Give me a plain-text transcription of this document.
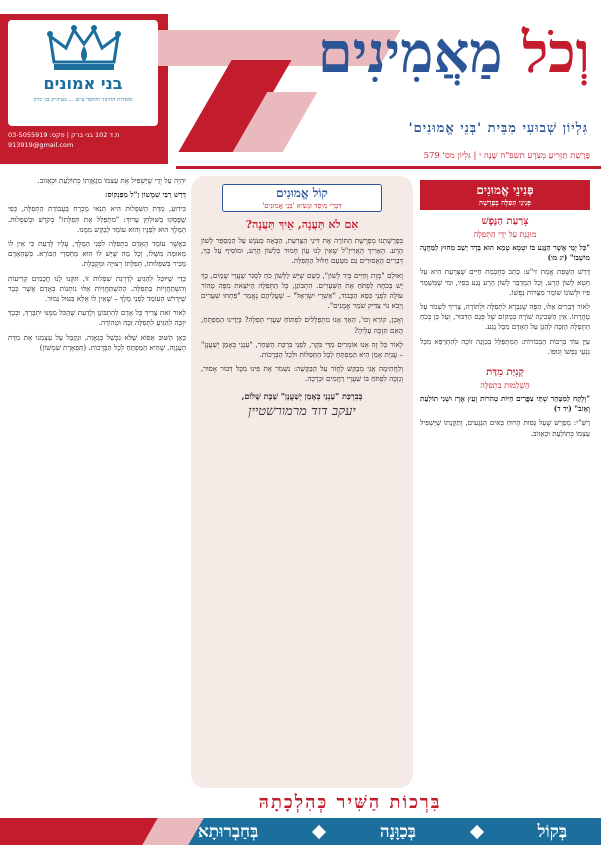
בני אמונים
מוסדות החינוך והחסד ע״ש ... בעיה״ק בני ברק
ת.ד 102 בני ברק | פקס: 03-5055919
913919@gmail.com
וְכֹל מַאֲמִינִים
גִּלְיוֹן שְׁבוּעִי מִבֵּית 'בְּנֵי אֱמוּנִים'
פָּרָשַׁת תַּזְרִיעַ מְצֹרָע תשפ"ה שָׁנָה י | גִּלְיוֹן מס' 579
פְּנִינֵי אֱמוּנִים
פְּנִינֵי תְּפִלָּה בְּפָרָשָׁה
צָרַעַת הַנֶּפֶשׁ
מוּגֶנֶת עַל יְדֵי הַתְּפִלָּה

"כָּל יְמֵי אֲשֶׁר הַנֶּגַע בּוֹ יִטְמָא טָמֵא הוּא בָּדָד יֵשֵׁב מִחוּץ לַמַּחֲנֶה מוֹשָׁבוֹ" (יג מו)

דָּרַשׁ הַשְּׁפַת אֱמֶת זי"ע: כָּתַב בְּחָכְמַת חַיִּים שֶׁצָּרַעַת הִיא עַל חֵטְא לָשׁוֹן הָרָע, וְכָל הַמְדַבֵּר לָשׁוֹן הָרָע נֶגַע בְּפִיו, וּמִי שֶׁמְּשַׁמֵּר פִּיו וּלְשׁוֹנוֹ שׁוֹמֵר מִצָּרוֹת נַפְשׁוֹ.

לְאוֹר דְּבָרִים אֵלּוּ, הַפֶּה שֶׁנִּבְרָא לִתְפִלָּה וּלְתוֹרָה, צָרִיךְ לִשְׁמֹר עַל טָהֳרָתוֹ. אֵין הַשְּׁכִינָה שׁוֹרָה בְּמָקוֹם שֶׁל פְּגַם הַדִּבּוּר, וְעַל כֵּן בְּכֹחַ הַתְּפִלָּה הַזַּכָּה לְהָגֵן עַל הָאָדָם מִכָּל נֶגַע.

עַיֵּן עוֹד בִּרְבוֹת הַבְּכוֹרוֹת: הַמִּתְפַּלֵּל בְּכַוָּנָה זוֹכֶה לְהִתְרַפֵּא מִכָּל נִגְעֵי נַפְשׁוֹ וְגוּפוֹ.

קְנִיַּת מִדַּת
הַשְׁלֵמוּת בִּתְפִלָּה

"וְלָקַח לַמִּטַּהֵר שְׁתֵּי צִפֳּרִים חַיּוֹת טְהֹרוֹת וְעֵץ אֶרֶז וּשְׁנִי תוֹלַעַת וְאֵזֹב" (יד ד)

רַשִּׁ"י: מְפָרֵשׁ שֶׁעַל גַּסּוּת הָרוּחַ בָּאִים הַנְּגָעִים, וְתַקָּנָתוֹ שֶׁיַּשְׁפִּיל עַצְמוֹ כְּתוֹלַעַת וּכְאֵזוֹב.

קוֹל אֱמוּנִים
דִּבְרֵי מְיַסֵּד וּנְשִׂיא 'בְּנֵי אֱמוּנִים'
אִם לֹא תַּעֲנֶה, אֵיךְ תַּעֲנֶה?

בְּפָרָשָׁתֵנוּ מְפָרֶשֶׁת הַתּוֹרָה אֶת דִּינֵי הַצָּרַעַת, הַבָּאָה כַּעֹנֶשׁ עַל הַמְסַפֵּר לָשׁוֹן הָרָע. הָאָרִיךְ הָאֲרִיזַ"ל שֶׁאֵין לָנוּ עֲוֹן חָמוּר כְּלָשׁוֹן הָרָע, וּמוֹסִיף עַל כָּךְ, דְּבָרִים הָאֲסוּרִים גַּם מִטַּעַם חַלּוּל הַתְּפִלָּה.

וְאוּלָם "מָוֶת וְחַיִּים בְּיַד לָשׁוֹן", כְּשֵׁם שֶׁיֵּשׁ לַלָּשׁוֹן כֹּחַ לִסְגֹּר שַׁעֲרֵי שָׁמַיִם, כָּךְ יֵשׁ בְּכֹחָהּ לִפְתֹּחַ אֶת הַשְּׁעָרִים. הִתְבּוֹנֵן, כָּל הַתְּפִלָּה הַיּוֹצֵאת מִפֶּה טָהוֹר עוֹלָה לִפְנֵי כִּסֵּא הַכָּבוֹד, "אַשְׁרֵי יִשְׂרָאֵל" – שֶׁעֲלֵיהֶם נֶאֱמַר "פִּתְחוּ שְׁעָרִים וְיָבֹא גוֹי צַדִּיק שֹׁמֵר אֱמֻנִים".

וְאָכֵן, קוֹרֵא וְכוּ', הֵאַךְ אָנוּ מִתְפַּלְּלִים לִפְתּוֹחַ שַׁעֲרֵי תְּפִלָּה? בְּיָדֵינוּ הַמַּפְתֵּחַ, הֲאִם תִּזְכֶּה עָלֶיהָ?

לְאוֹר כָּל זֶה אָנוּ אוֹמְרִים מִדֵּי בֹּקֶר, לִפְנֵי בִּרְכַּת הַשַּׁחַר, "עַנְנֵי בְּאָמֵן יְשַׁעֲנָן" – עֲנִיַּת אָמֵן הִיא הַמַּפְתֵּחַ לְכָל הַתְּפִלּוֹת וּלְכָל הַבְּרָכוֹת.

וְלַחֲתִימָה אֲנִי מְבַקֵּשׁ לַחֲזֹר עַל הַבַּקָּשָׁה: נִשְׁמֹר אֶת פִּינוּ מִכָּל דִּבּוּר אָסוּר, וְנִזְכֶּה לִפְתֹּחַ בּוֹ שַׁעֲרֵי רַחֲמִים וּבְרָכָה.

בְּבִרְכַּת "עַנְנֵי בְּאָמֵן יְשַׁעֲנָן" שַׁבָּת שָׁלוֹם,
יעקב דוד מרמורשטיין

יִהְיֶה עַל יְדֵי שֶׁיַּשְׁפִּיל אֶת עַצְמוֹ מִגַּאֲוָתוֹ כְּתוֹלַעַת וּכְאֵזוֹב.

דָּרַשׁ רַבִּי שִׁמְשׁוֹן זַ"ל מִפִּנְקוֹס:

כִּידוּעַ, מִדַּת הַשִּׁפְלוּת הִיא תְּנַאי מֻכְרָח בַּעֲבוֹדַת הַתְּפִלָּה, כְּפִי שֶׁפָּסְקוּ בַּשּׁוּלְחָן עָרוּךְ: "מִתְפַּלֵּל אֶת תְּפִלָּתוֹ" בְּקֹדֶשׁ וּבְשִׁפְלוּת. הַמֶּלֶךְ הוּא לְפָנָיו וְהוּא עוֹמֵד לְבַקֵּשׁ מִמֶּנּוּ.

כַּאֲשֶׁר עוֹמֵד הָאָדָם בִּתְפִלָּה לִפְנֵי הַמֶּלֶךְ, עָלָיו לָדַעַת כִּי אֵין לוֹ מְאוּמָה מִשֶּׁלּוֹ, וְכָל מַה שֶּׁיֵּשׁ לוֹ הוּא מֵחַסְדֵי הַבּוֹרֵא. כְּשֶׁהָאָדָם מַכִּיר בְּשִׁפְלוּתוֹ, תְּפִלָּתוֹ רְצוּיָה וּמְקֻבֶּלֶת.

כְּדֵי שֶׁיּוּכַל לְהַגִּיעַ לְדַרְגַּת שִׁפְלוּת זוֹ, תִּקְּנוּ לָנוּ חֲכָמִים קְרִיעוֹת וְהִשְׁתַּחֲוָיוֹת בַּתְּפִלָּה. הַהִשְׁתַּחֲוָיוֹת אֵלּוּ נוֹתְנוֹת בְּאָדָם אֲשֶׁר כְּבָר שֶׁיִּדְרֹשׁ הָעוֹמֵד לִפְנֵי מֶלֶךְ – שֶׁאֵין לוֹ אֶלָּא בִּטּוּל גָּמוּר.

לְאוֹר זֹאת צָרִיךְ כָּל אָדָם לְהִתְבּוֹנֵן וְלָדַעַת שֶׁהַכֹּל מִמֶּנּוּ יִתְבָּרַךְ, וּבְכָךְ יִזְכֶּה לְהַגִּיעַ לִתְפִלָּה זַכָּה וּטְהוֹרָה.

כָּאֵן הַשּׁוּב אֵפוֹא שֶׁלֹּא נִכָּשֵׁל בְּגַאֲוָה, וּנְקַבֵּל עַל עַצְמֵנוּ אֶת מִדַּת הָעֲנָוָה, שֶׁהִיא הַמַּפְתֵּחַ לְכָל הַבְּרָכוֹת. (תִּפְאֶרֶת שִׁמְשׁוֹן)

בִּרְכוֹת הַשִּׁיר כְּהִלְכָתָהּ
בְּקוֹל
בְּכַוָּנָה
בְּחַבְרוּתָא
